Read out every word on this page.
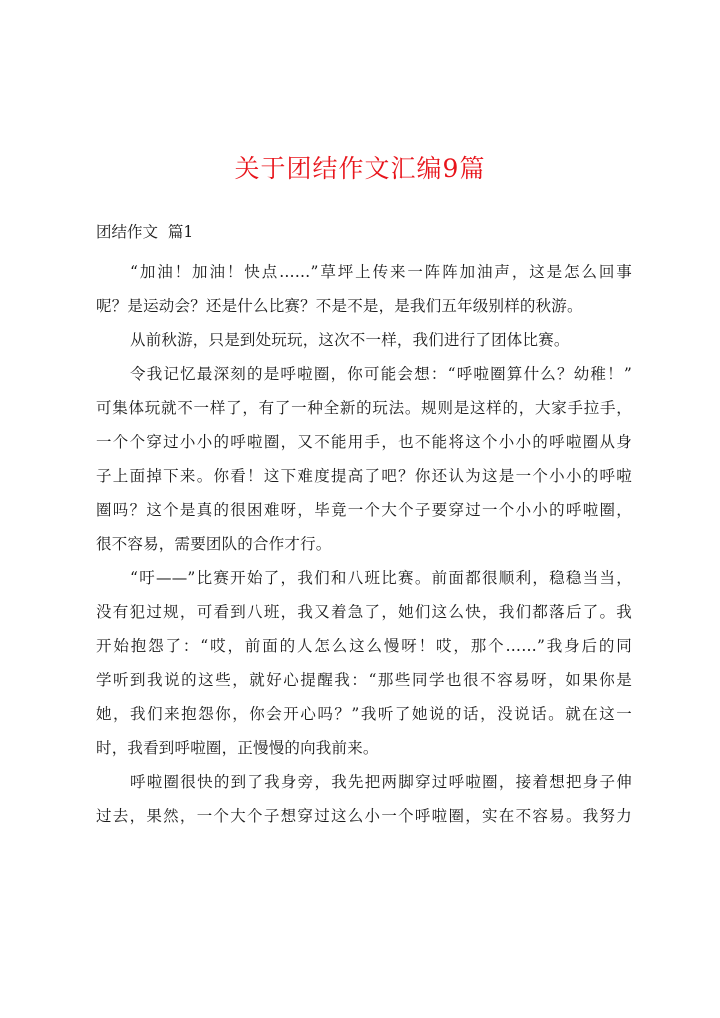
关于团结作文汇编9篇
团结作文  篇1
“加油！加油！快点……”草坪上传来一阵阵加油声，这是怎么回事
呢？是运动会？还是什么比赛？不是不是，是我们五年级别样的秋游。
从前秋游，只是到处玩玩，这次不一样，我们进行了团体比赛。
令我记忆最深刻的是呼啦圈，你可能会想：“呼啦圈算什么？幼稚！”
可集体玩就不一样了，有了一种全新的玩法。规则是这样的，大家手拉手，
一个个穿过小小的呼啦圈，又不能用手，也不能将这个小小的呼啦圈从身
子上面掉下来。你看！这下难度提高了吧？你还认为这是一个小小的呼啦
圈吗？这个是真的很困难呀，毕竟一个大个子要穿过一个小小的呼啦圈，
很不容易，需要团队的合作才行。
“吁——”比赛开始了，我们和八班比赛。前面都很顺利，稳稳当当，
没有犯过规，可看到八班，我又着急了，她们这么快，我们都落后了。我
开始抱怨了：“哎，前面的人怎么这么慢呀！哎，那个……”我身后的同
学听到我说的这些，就好心提醒我：“那些同学也很不容易呀，如果你是
她，我们来抱怨你，你会开心吗？”我听了她说的话，没说话。就在这一
时，我看到呼啦圈，正慢慢的向我前来。
呼啦圈很快的到了我身旁，我先把两脚穿过呼啦圈，接着想把身子伸
过去，果然，一个大个子想穿过这么小一个呼啦圈，实在不容易。我努力
